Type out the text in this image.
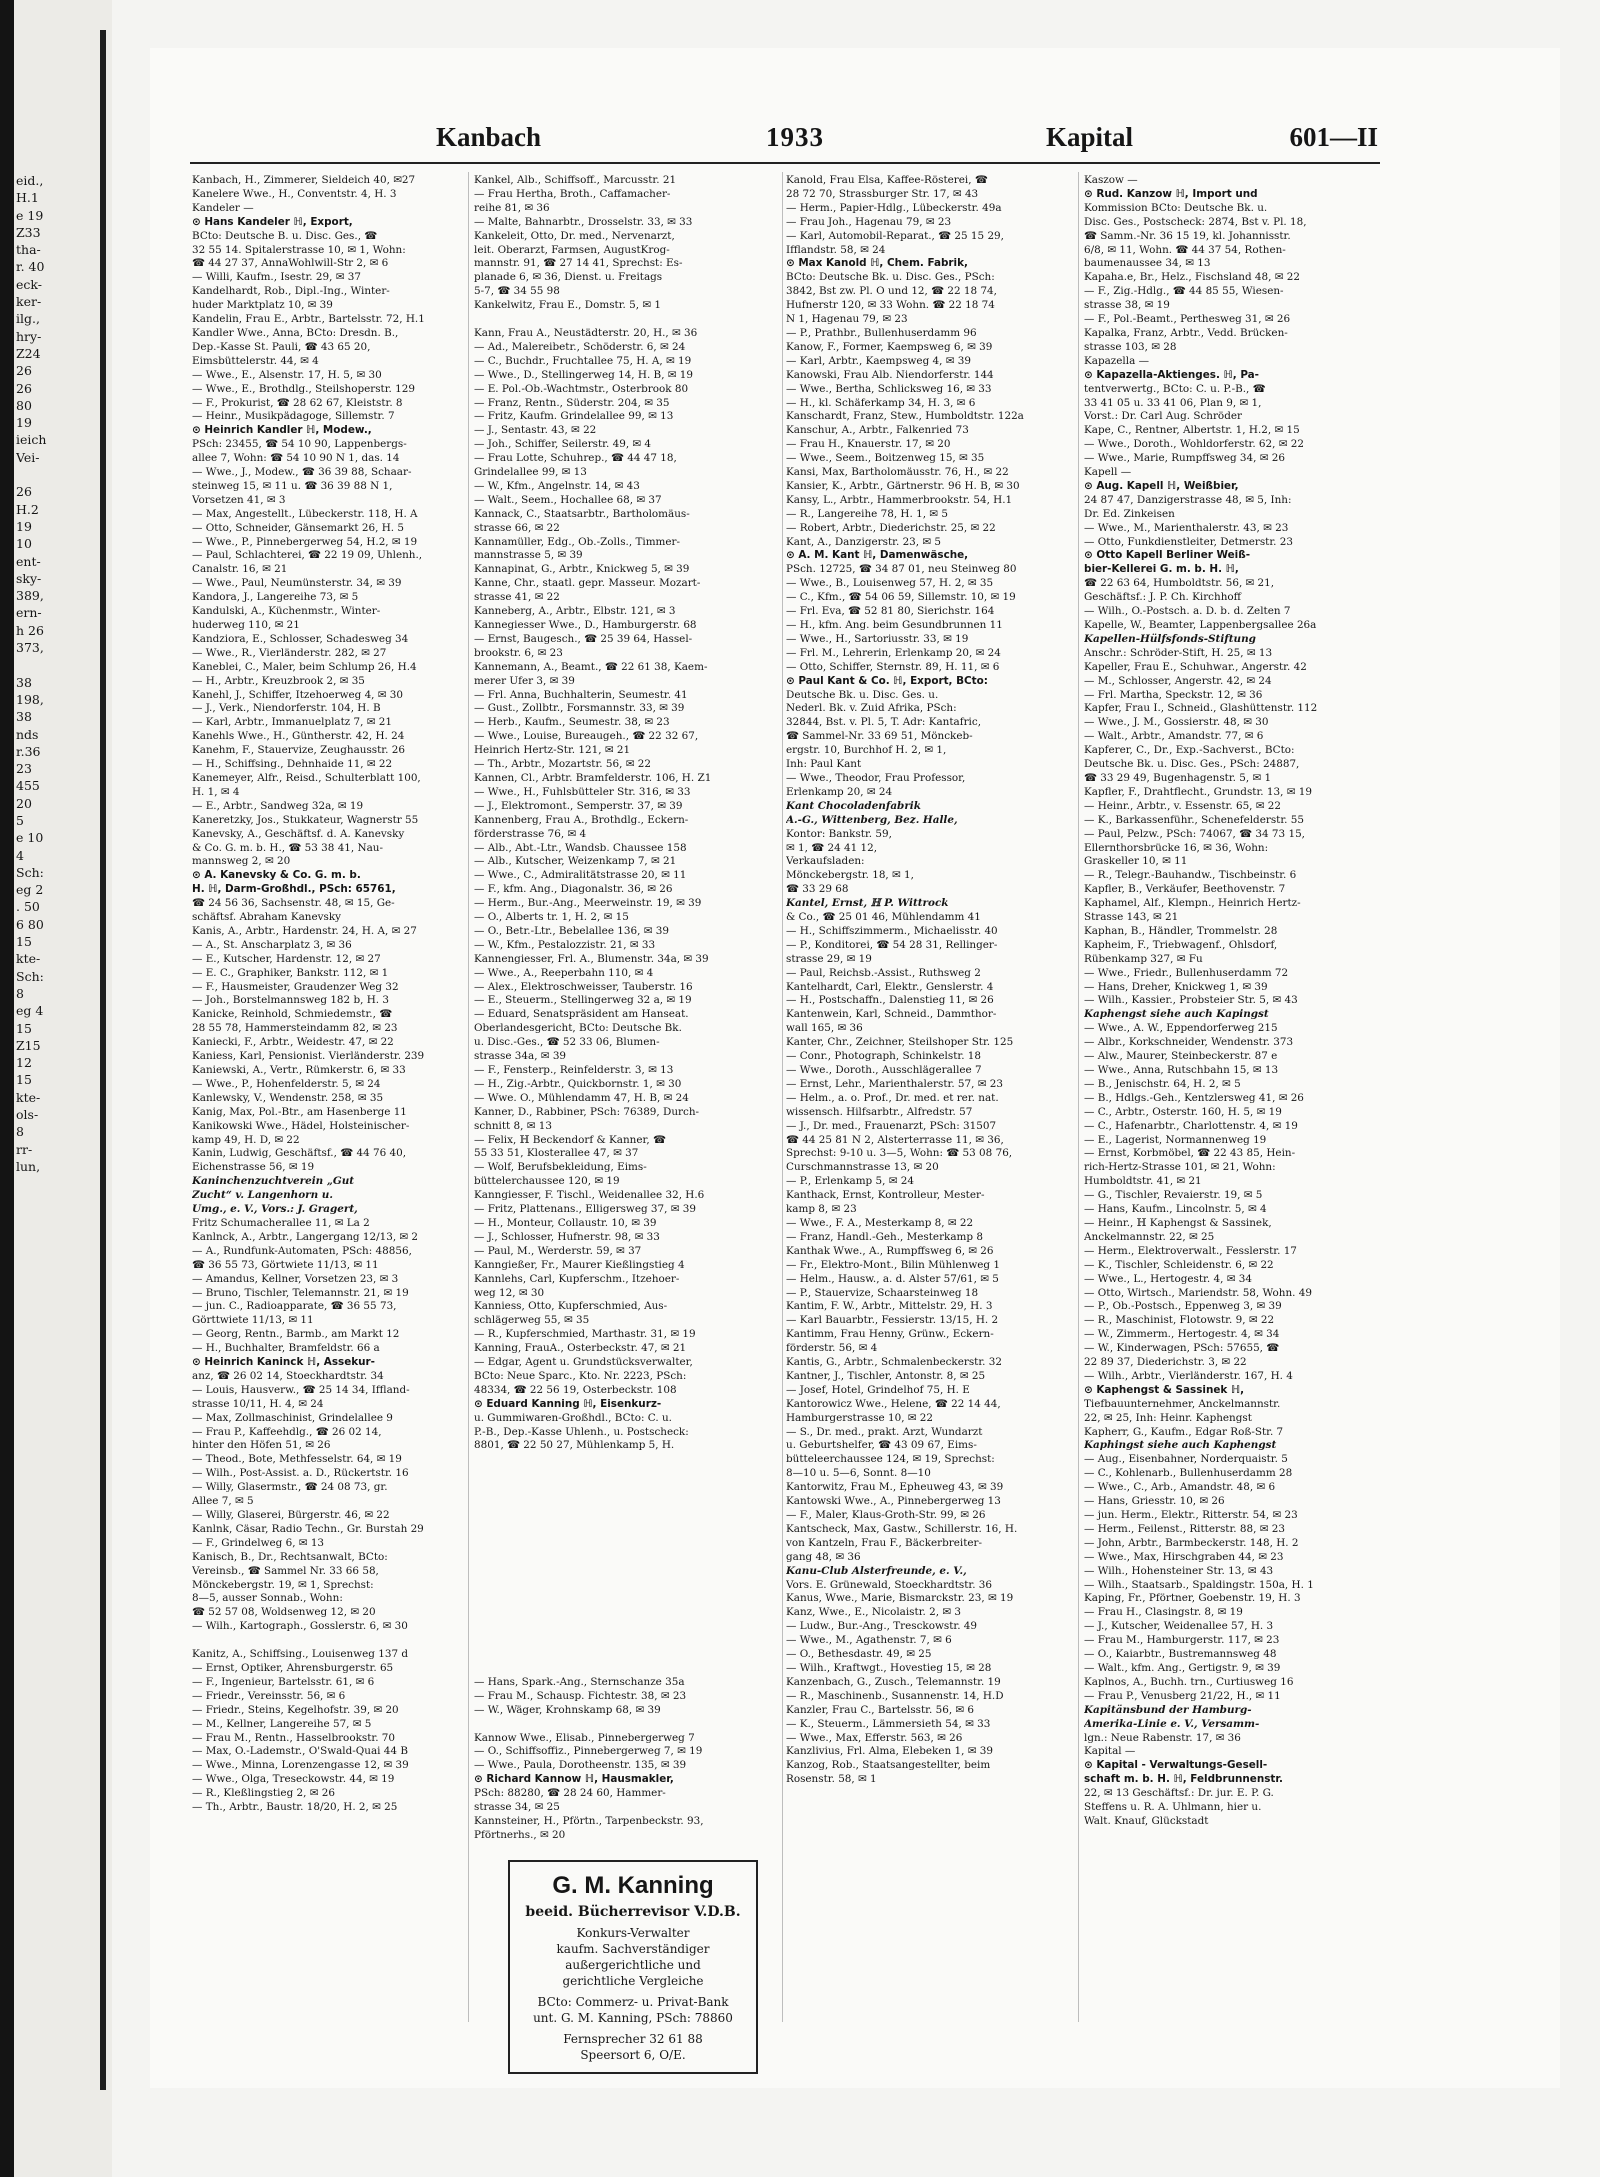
eid.,
H.1
e 19
Z33
tha-
r. 40
eck-
ker-
ilg.,
hry-
Z24
26
26
80
19
ieich
Vei-

26
H.2
19
10
ent-
sky-
389,
ern-
h 26
373,

38
198,
38
nds
r.36
23
455
20
5
e 10
4
Sch:
eg 2
. 50
6 80
15
kte-
Sch:
8
eg 4
15
Z15
12
15
kte-
ols-
8
rr-
lun,
Kanbach	1933	Kapital	601—II
Kanbach, H., Zimmerer, Sieldeich 40, ✉27
Kanelere Wwe., H., Conventstr. 4, H. 3
Kandeler —
⊙ Hans Kandeler ℍ, Export,
BCto: Deutsche B. u. Disc. Ges., ☎
32 55 14. Spitalerstrasse 10, ✉ 1, Wohn:
☎ 44 27 37, AnnaWohlwill-Str 2, ✉ 6
— Willi, Kaufm., Isestr. 29, ✉ 37
Kandelhardt, Rob., Dipl.-Ing., Winter-
huder Marktplatz 10, ✉ 39
Kandelin, Frau E., Arbtr., Bartelsstr. 72, H.1
Kandler Wwe., Anna, BCto: Dresdn. B.,
Dep.-Kasse St. Pauli, ☎ 43 65 20,
Eimsbüttelerstr. 44, ✉ 4
— Wwe., E., Alsenstr. 17, H. 5, ✉ 30
— Wwe., E., Brothdlg., Steilshoperstr. 129
— F., Prokurist, ☎ 28 62 67, Kleiststr. 8
— Heinr., Musikpädagoge, Sillemstr. 7
⊙ Heinrich Kandler ℍ, Modew.,
PSch: 23455, ☎ 54 10 90, Lappenbergs-
allee 7, Wohn: ☎ 54 10 90 N 1, das. 14
— Wwe., J., Modew., ☎ 36 39 88, Schaar-
steinweg 15, ✉ 11 u. ☎ 36 39 88 N 1,
Vorsetzen 41, ✉ 3
— Max, Angestellt., Lübeckerstr. 118, H. A
— Otto, Schneider, Gänsemarkt 26, H. 5
— Wwe., P., Pinnebergerweg 54, H.2, ✉ 19
— Paul, Schlachterei, ☎ 22 19 09, Uhlenh.,
Canalstr. 16, ✉ 21
— Wwe., Paul, Neumünsterstr. 34, ✉ 39
Kandora, J., Langereihe 73, ✉ 5
Kandulski, A., Küchenmstr., Winter-
huderweg 110, ✉ 21
Kandziora, E., Schlosser, Schadesweg 34
— Wwe., R., Vierländerstr. 282, ✉ 27
Kaneblei, C., Maler, beim Schlump 26, H.4
— H., Arbtr., Kreuzbrook 2, ✉ 35
Kanehl, J., Schiffer, Itzehoerweg 4, ✉ 30
— J., Verk., Niendorferstr. 104, H. B
— Karl, Arbtr., Immanuelplatz 7, ✉ 21
Kanehls Wwe., H., Güntherstr. 42, H. 24
Kanehm, F., Stauervize, Zeughausstr. 26
— H., Schiffsing., Dehnhaide 11, ✉ 22
Kanemeyer, Alfr., Reisd., Schulterblatt 100,
H. 1, ✉ 4
— E., Arbtr., Sandweg 32a, ✉ 19
Kaneretzky, Jos., Stukkateur, Wagnerstr 55
Kanevsky, A., Geschäftsf. d. A. Kanevsky
& Co. G. m. b. H., ☎ 53 38 41, Nau-
mannsweg 2, ✉ 20
⊙ A. Kanevsky & Co. G. m. b.
H. ℍ, Darm-Großhdl., PSch: 65761,
☎ 24 56 36, Sachsenstr. 48, ✉ 15, Ge-
schäftsf. Abraham Kanevsky
Kanis, A., Arbtr., Hardenstr. 24, H. A, ✉ 27
— A., St. Anscharplatz 3, ✉ 36
— E., Kutscher, Hardenstr. 12, ✉ 27
— E. C., Graphiker, Bankstr. 112, ✉ 1
— F., Hausmeister, Graudenzer Weg 32
— Joh., Borstelmannsweg 182 b, H. 3
Kanicke, Reinhold, Schmiedemstr., ☎
28 55 78, Hammersteindamm 82, ✉ 23
Kaniecki, F., Arbtr., Weidestr. 47, ✉ 22
Kaniess, Karl, Pensionist. Vierländerstr. 239
Kaniewski, A., Vertr., Rümkerstr. 6, ✉ 33
— Wwe., P., Hohenfelderstr. 5, ✉ 24
Kanlewsky, V., Wendenstr. 258, ✉ 35
Kanig, Max, Pol.-Btr., am Hasenberge 11
Kanikowski Wwe., Hädel, Holsteinischer-
kamp 49, H. D, ✉ 22
Kanin, Ludwig, Geschäftsf., ☎ 44 76 40,
Eichenstrasse 56, ✉ 19
Kaninchenzuchtverein „Gut
Zucht“ v. Langenhorn u.
Umg., e. V., Vors.: J. Gragert,
Fritz Schumacherallee 11, ✉ La 2
Kanlnck, A., Arbtr., Langergang 12/13, ✉ 2
— A., Rundfunk-Automaten, PSch: 48856,
☎ 36 55 73, Görtwiete 11/13, ✉ 11
— Amandus, Kellner, Vorsetzen 23, ✉ 3
— Bruno, Tischler, Telemannstr. 21, ✉ 19
— jun. C., Radioapparate, ☎ 36 55 73,
Görttwiete 11/13, ✉ 11
— Georg, Rentn., Barmb., am Markt 12
— H., Buchhalter, Bramfeldstr. 66 a
⊙ Heinrich Kaninck ℍ, Assekur-
anz, ☎ 26 02 14, Stoeckhardtstr. 34
— Louis, Hausverw., ☎ 25 14 34, Iffland-
strasse 10/11, H. 4, ✉ 24
— Max, Zollmaschinist, Grindelallee 9
— Frau P., Kaffeehdlg., ☎ 26 02 14,
hinter den Höfen 51, ✉ 26
— Theod., Bote, Methfesselstr. 64, ✉ 19
— Wilh., Post-Assist. a. D., Rückertstr. 16
— Willy, Glasermstr., ☎ 24 08 73, gr.
Allee 7, ✉ 5
— Willy, Glaserei, Bürgerstr. 46, ✉ 22
Kanlnk, Cäsar, Radio Techn., Gr. Burstah 29
— F., Grindelweg 6, ✉ 13
Kanisch, B., Dr., Rechtsanwalt, BCto:
Vereinsb., ☎ Sammel Nr. 33 66 58,
Mönckebergstr. 19, ✉ 1, Sprechst:
8—5, ausser Sonnab., Wohn:
☎ 52 57 08, Woldsenweg 12, ✉ 20
— Wilh., Kartograph., Gosslerstr. 6, ✉ 30

Kanitz, A., Schiffsing., Louisenweg 137 d
— Ernst, Optiker, Ahrensburgerstr. 65
— F., Ingenieur, Bartelsstr. 61, ✉ 6
— Friedr., Vereinsstr. 56, ✉ 6
— Friedr., Steins, Kegelhofstr. 39, ✉ 20
— M., Kellner, Langereihe 57, ✉ 5
— Frau M., Rentn., Hasselbrookstr. 70
— Max, O.-Lademstr., O'Swald-Quai 44 B
— Wwe., Minna, Lorenzengasse 12, ✉ 39
— Wwe., Olga, Treseckowstr. 44, ✉ 19
— R., Kleßlingstieg 2, ✉ 26
— Th., Arbtr., Baustr. 18/20, H. 2, ✉ 25
Kankel, Alb., Schiffsoff., Marcusstr. 21
— Frau Hertha, Broth., Caffamacher-
reihe 81, ✉ 36
— Malte, Bahnarbtr., Drosselstr. 33, ✉ 33
Kankeleit, Otto, Dr. med., Nervenarzt,
leit. Oberarzt, Farmsen, AugustKrog-
mannstr. 91, ☎ 27 14 41, Sprechst: Es-
planade 6, ✉ 36, Dienst. u. Freitags
5-7, ☎ 34 55 98
Kankelwitz, Frau E., Domstr. 5, ✉ 1

Kann, Frau A., Neustädterstr. 20, H., ✉ 36
— Ad., Malereibetr., Schöderstr. 6, ✉ 24
— C., Buchdr., Fruchtallee 75, H. A, ✉ 19
— Wwe., D., Stellingerweg 14, H. B, ✉ 19
— E. Pol.-Ob.-Wachtmstr., Osterbrook 80
— Franz, Rentn., Süderstr. 204, ✉ 35
— Fritz, Kaufm. Grindelallee 99, ✉ 13
— J., Sentastr. 43, ✉ 22
— Joh., Schiffer, Seilerstr. 49, ✉ 4
— Frau Lotte, Schuhrep., ☎ 44 47 18,
Grindelallee 99, ✉ 13
— W., Kfm., Angelnstr. 14, ✉ 43
— Walt., Seem., Hochallee 68, ✉ 37
Kannack, C., Staatsarbtr., Bartholomäus-
strasse 66, ✉ 22
Kannamüller, Edg., Ob.-Zolls., Timmer-
mannstrasse 5, ✉ 39
Kannapinat, G., Arbtr., Knickweg 5, ✉ 39
Kanne, Chr., staatl. gepr. Masseur. Mozart-
strasse 41, ✉ 22
Kanneberg, A., Arbtr., Elbstr. 121, ✉ 3
Kannegiesser Wwe., D., Hamburgerstr. 68
— Ernst, Baugesch., ☎ 25 39 64, Hassel-
brookstr. 6, ✉ 23
Kannemann, A., Beamt., ☎ 22 61 38, Kaem-
merer Ufer 3, ✉ 39
— Frl. Anna, Buchhalterin, Seumestr. 41
— Gust., Zollbtr., Forsmannstr. 33, ✉ 39
— Herb., Kaufm., Seumestr. 38, ✉ 23
— Wwe., Louise, Bureaugeh., ☎ 22 32 67,
Heinrich Hertz-Str. 121, ✉ 21
— Th., Arbtr., Mozartstr. 56, ✉ 22
Kannen, Cl., Arbtr. Bramfelderstr. 106, H. Z1
— Wwe., H., Fuhlsbütteler Str. 316, ✉ 33
— J., Elektromont., Semperstr. 37, ✉ 39
Kannenberg, Frau A., Brothdlg., Eckern-
förderstrasse 76, ✉ 4
— Alb., Abt.-Ltr., Wandsb. Chaussee 158
— Alb., Kutscher, Weizenkamp 7, ✉ 21
— Wwe., C., Admiralitätstrasse 20, ✉ 11
— F., kfm. Ang., Diagonalstr. 36, ✉ 26
— Herm., Bur.-Ang., Meerweinstr. 19, ✉ 39
— O., Alberts tr. 1, H. 2, ✉ 15
— O., Betr.-Ltr., Bebelallee 136, ✉ 39
— W., Kfm., Pestalozzistr. 21, ✉ 33
Kannengiesser, Frl. A., Blumenstr. 34a, ✉ 39
— Wwe., A., Reeperbahn 110, ✉ 4
— Alex., Elektroschweisser, Tauberstr. 16
— E., Steuerm., Stellingerweg 32 a, ✉ 19
— Eduard, Senatspräsident am Hanseat.
Oberlandesgericht, BCto: Deutsche Bk.
u. Disc.-Ges., ☎ 52 33 06, Blumen-
strasse 34a, ✉ 39
— F., Fensterp., Reinfelderstr. 3, ✉ 13
— H., Zig.-Arbtr., Quickbornstr. 1, ✉ 30
— Wwe. O., Mühlendamm 47, H. B, ✉ 24
Kanner, D., Rabbiner, PSch: 76389, Durch-
schnitt 8, ✉ 13
— Felix, ℍ Beckendorf & Kanner, ☎
55 33 51, Klosterallee 47, ✉ 37
— Wolf, Berufsbekleidung, Eims-
büttelerchaussee 120, ✉ 19
Kanngiesser, F. Tischl., Weidenallee 32, H.6
— Fritz, Plattenans., Elligersweg 37, ✉ 39
— H., Monteur, Collaustr. 10, ✉ 39
— J., Schlosser, Hufnerstr. 98, ✉ 33
— Paul, M., Werderstr. 59, ✉ 37
Kanngießer, Fr., Maurer Kießlingstieg 4
Kannlehs, Carl, Kupferschm., Itzehoer-
weg 12, ✉ 30
Kanniess, Otto, Kupferschmied, Aus-
schlägerweg 55, ✉ 35
— R., Kupferschmied, Marthastr. 31, ✉ 19
Kanning, FrauA., Osterbeckstr. 47, ✉ 21
— Edgar, Agent u. Grundstücksverwalter,
BCto: Neue Sparc., Kto. Nr. 2223, PSch:
48334, ☎ 22 56 19, Osterbeckstr. 108
⊙ Eduard Kanning ℍ, Eisenkurz-
u. Gummiwaren-Großhdl., BCto: C. u.
P.-B., Dep.-Kasse Uhlenh., u. Postscheck:
8801, ☎ 22 50 27, Mühlenkamp 5, H.

— Hans, Spark.-Ang., Sternschanze 35a
— Frau M., Schausp. Fichtestr. 38, ✉ 23
— W., Wäger, Krohnskamp 68, ✉ 39

Kannow Wwe., Elisab., Pinnebergerweg 7
— O., Schiffsoffiz., Pinnebergerweg 7, ✉ 19
— Wwe., Paula, Dorotheenstr. 135, ✉ 39
⊙ Richard Kannow ℍ, Hausmakler,
PSch: 88280, ☎ 28 24 60, Hammer-
strasse 34, ✉ 25
Kannsteiner, H., Pförtn., Tarpenbeckstr. 93,
Pförtnerhs., ✉ 20
Kanold, Frau Elsa, Kaffee-Rösterei, ☎
28 72 70, Strassburger Str. 17, ✉ 43
— Herm., Papier-Hdlg., Lübeckerstr. 49a
— Frau Joh., Hagenau 79, ✉ 23
— Karl, Automobil-Reparat., ☎ 25 15 29,
Ifflandstr. 58, ✉ 24
⊙ Max Kanold ℍ, Chem. Fabrik,
BCto: Deutsche Bk. u. Disc. Ges., PSch:
3842, Bst zw. Pl. O und 12, ☎ 22 18 74,
Hufnerstr 120, ✉ 33 Wohn. ☎ 22 18 74
N 1, Hagenau 79, ✉ 23
— P., Prathbr., Bullenhuserdamm 96
Kanow, F., Former, Kaempsweg 6, ✉ 39
— Karl, Arbtr., Kaempsweg 4, ✉ 39
Kanowski, Frau Alb. Niendorferstr. 144
— Wwe., Bertha, Schlicksweg 16, ✉ 33
— H., kl. Schäferkamp 34, H. 3, ✉ 6
Kanschardt, Franz, Stew., Humboldtstr. 122a
Kanschur, A., Arbtr., Falkenried 73
— Frau H., Knauerstr. 17, ✉ 20
— Wwe., Seem., Boitzenweg 15, ✉ 35
Kansi, Max, Bartholomäusstr. 76, H., ✉ 22
Kansier, K., Arbtr., Gärtnerstr. 96 H. B, ✉ 30
Kansy, L., Arbtr., Hammerbrookstr. 54, H.1
— R., Langereihe 78, H. 1, ✉ 5
— Robert, Arbtr., Diederichstr. 25, ✉ 22
Kant, A., Danzigerstr. 23, ✉ 5
⊙ A. M. Kant ℍ, Damenwäsche,
PSch. 12725, ☎ 34 87 01, neu Steinweg 80
— Wwe., B., Louisenweg 57, H. 2, ✉ 35
— C., Kfm., ☎ 54 06 59, Sillemstr. 10, ✉ 19
— Frl. Eva, ☎ 52 81 80, Sierichstr. 164
— H., kfm. Ang. beim Gesundbrunnen 11
— Wwe., H., Sartoriusstr. 33, ✉ 19
— Frl. M., Lehrerin, Erlenkamp 20, ✉ 24
— Otto, Schiffer, Sternstr. 89, H. 11, ✉ 6
⊙ Paul Kant & Co. ℍ, Export, BCto:
Deutsche Bk. u. Disc. Ges. u.
Nederl. Bk. v. Zuid Afrika, PSch:
32844, Bst. v. Pl. 5, T. Adr: Kantafric,
☎ Sammel-Nr. 33 69 51, Mönckeb-
ergstr. 10, Burchhof H. 2, ✉ 1,
Inh: Paul Kant
— Wwe., Theodor, Frau Professor,
Erlenkamp 20, ✉ 24
Kant Chocoladenfabrik
A.-G., Wittenberg, Bez. Halle,
Kontor: Bankstr. 59,
✉ 1, ☎ 24 41 12,
Verkaufsladen:
Mönckebergstr. 18, ✉ 1,
☎ 33 29 68
Kantel, Ernst, ℍ P. Wittrock
& Co., ☎ 25 01 46, Mühlendamm 41
— H., Schiffszimmerm., Michaelisstr. 40
— P., Konditorei, ☎ 54 28 31, Rellinger-
strasse 29, ✉ 19
— Paul, Reichsb.-Assist., Ruthsweg 2
Kantelhardt, Carl, Elektr., Genslerstr. 4
— H., Postschaffn., Dalenstieg 11, ✉ 26
Kantenwein, Karl, Schneid., Dammthor-
wall 165, ✉ 36
Kanter, Chr., Zeichner, Steilshoper Str. 125
— Conr., Photograph, Schinkelstr. 18
— Wwe., Doroth., Ausschlägerallee 7
— Ernst, Lehr., Marienthalerstr. 57, ✉ 23
— Helm., a. o. Prof., Dr. med. et rer. nat.
wissensch. Hilfsarbtr., Alfredstr. 57
— J., Dr. med., Frauenarzt, PSch: 31507
☎ 44 25 81 N 2, Alsterterrasse 11, ✉ 36,
Sprechst: 9-10 u. 3—5, Wohn: ☎ 53 08 76,
Curschmannstrasse 13, ✉ 20
— P., Erlenkamp 5, ✉ 24
Kanthack, Ernst, Kontrolleur, Mester-
kamp 8, ✉ 23
— Wwe., F. A., Mesterkamp 8, ✉ 22
— Franz, Handl.-Geh., Mesterkamp 8
Kanthak Wwe., A., Rumpffsweg 6, ✉ 26
— Fr., Elektro-Mont., Bilin Mühlenweg 1
— Helm., Hausw., a. d. Alster 57/61, ✉ 5
— P., Stauervize, Schaarsteinweg 18
Kantim, F. W., Arbtr., Mittelstr. 29, H. 3
— Karl Bauarbtr., Fessierstr. 13/15, H. 2
Kantimm, Frau Henny, Grünw., Eckern-
förderstr. 56, ✉ 4
Kantis, G., Arbtr., Schmalenbeckerstr. 32
Kantner, J., Tischler, Antonstr. 8, ✉ 25
— Josef, Hotel, Grindelhof 75, H. E
Kantorowicz Wwe., Helene, ☎ 22 14 44,
Hamburgerstrasse 10, ✉ 22
— S., Dr. med., prakt. Arzt, Wundarzt
u. Geburtshelfer, ☎ 43 09 67, Eims-
bütteleerchaussee 124, ✉ 19, Sprechst:
8—10 u. 5—6, Sonnt. 8—10
Kantorwitz, Frau M., Epheuweg 43, ✉ 39
Kantowski Wwe., A., Pinnebergerweg 13
— F., Maler, Klaus-Groth-Str. 99, ✉ 26
Kantscheck, Max, Gastw., Schillerstr. 16, H.
von Kantzeln, Frau F., Bäckerbreiter-
gang 48, ✉ 36
Kanu-Club Alsterfreunde, e. V.,
Vors. E. Grünewald, Stoeckhardtstr. 36
Kanus, Wwe., Marie, Bismarckstr. 23, ✉ 19
Kanz, Wwe., E., Nicolaistr. 2, ✉ 3
— Ludw., Bur.-Ang., Tresckowstr. 49
— Wwe., M., Agathenstr. 7, ✉ 6
— O., Bethesdastr. 49, ✉ 25
— Wilh., Kraftwgt., Hovestieg 15, ✉ 28
Kanzenbach, G., Zusch., Telemannstr. 19
— R., Maschinenb., Susannenstr. 14, H.D
Kanzler, Frau C., Bartelsstr. 56, ✉ 6
— K., Steuerm., Lämmersieth 54, ✉ 33
— Wwe., Max, Efferstr. 563, ✉ 26
Kanzlivius, Frl. Alma, Elebeken 1, ✉ 39
Kanzog, Rob., Staatsangestellter, beim
Rosenstr. 58, ✉ 1
Kaszow —
⊙ Rud. Kanzow ℍ, Import und
Kommission BCto: Deutsche Bk. u.
Disc. Ges., Postscheck: 2874, Bst v. Pl. 18,
☎ Samm.-Nr. 36 15 19, kl. Johannisstr.
6/8, ✉ 11, Wohn. ☎ 44 37 54, Rothen-
baumenaussee 34, ✉ 13
Kapaha.e, Br., Helz., Fischsland 48, ✉ 22
— F., Zig.-Hdlg., ☎ 44 85 55, Wiesen-
strasse 38, ✉ 19
— F., Pol.-Beamt., Perthesweg 31, ✉ 26
Kapalka, Franz, Arbtr., Vedd. Brücken-
strasse 103, ✉ 28
Kapazella —
⊙ Kapazella-Aktienges. ℍ, Pa-
tentverwertg., BCto: C. u. P.-B., ☎
33 41 05 u. 33 41 06, Plan 9, ✉ 1,
Vorst.: Dr. Carl Aug. Schröder
Kape, C., Rentner, Albertstr. 1, H.2, ✉ 15
— Wwe., Doroth., Wohldorferstr. 62, ✉ 22
— Wwe., Marie, Rumpffsweg 34, ✉ 26
Kapell —
⊙ Aug. Kapell ℍ, Weißbier,
24 87 47, Danzigerstrasse 48, ✉ 5, Inh:
Dr. Ed. Zinkeisen
— Wwe., M., Marienthalerstr. 43, ✉ 23
— Otto, Funkdienstleiter, Detmerstr. 23
⊙ Otto Kapell Berliner Weiß-
bier-Kellerei G. m. b. H. ℍ,
☎ 22 63 64, Humboldtstr. 56, ✉ 21,
Geschäftsf.: J. P. Ch. Kirchhoff
— Wilh., O.-Postsch. a. D. b. d. Zelten 7
Kapelle, W., Beamter, Lappenbergsallee 26a
Kapellen-Hülfsfonds-Stiftung
Anschr.: Schröder-Stift, H. 25, ✉ 13
Kapeller, Frau E., Schuhwar., Angerstr. 42
— M., Schlosser, Angerstr. 42, ✉ 24
— Frl. Martha, Speckstr. 12, ✉ 36
Kapfer, Frau I., Schneid., Glashüttenstr. 112
— Wwe., J. M., Gossierstr. 48, ✉ 30
— Walt., Arbtr., Amandstr. 77, ✉ 6
Kapferer, C., Dr., Exp.-Sachverst., BCto:
Deutsche Bk. u. Disc. Ges., PSch: 24887,
☎ 33 29 49, Bugenhagenstr. 5, ✉ 1
Kapfler, F., Drahtflecht., Grundstr. 13, ✉ 19
— Heinr., Arbtr., v. Essenstr. 65, ✉ 22
— K., Barkassenführ., Schenefelderstr. 55
— Paul, Pelzw., PSch: 74067, ☎ 34 73 15,
Ellernthorsbrücke 16, ✉ 36, Wohn:
Graskeller 10, ✉ 11
— R., Telegr.-Bauhandw., Tischbeinstr. 6
Kapfler, B., Verkäufer, Beethovenstr. 7
Kaphamel, Alf., Klempn., Heinrich Hertz-
Strasse 143, ✉ 21
Kaphan, B., Händler, Trommelstr. 28
Kapheim, F., Triebwagenf., Ohlsdorf,
Rübenkamp 327, ✉ Fu
— Wwe., Friedr., Bullenhuserdamm 72
— Hans, Dreher, Knickweg 1, ✉ 39
— Wilh., Kassier., Probsteier Str. 5, ✉ 43
Kaphengst siehe auch Kapingst
— Wwe., A. W., Eppendorferweg 215
— Albr., Korkschneider, Wendenstr. 373
— Alw., Maurer, Steinbeckerstr. 87 e
— Wwe., Anna, Rutschbahn 15, ✉ 13
— B., Jenischstr. 64, H. 2, ✉ 5
— B., Hdlgs.-Geh., Kentzlersweg 41, ✉ 26
— C., Arbtr., Osterstr. 160, H. 5, ✉ 19
— C., Hafenarbtr., Charlottenstr. 4, ✉ 19
— E., Lagerist, Normannenweg 19
— Ernst, Korbmöbel, ☎ 22 43 85, Hein-
rich-Hertz-Strasse 101, ✉ 21, Wohn:
Humboldtstr. 41, ✉ 21
— G., Tischler, Revaierstr. 19, ✉ 5
— Hans, Kaufm., Lincolnstr. 5, ✉ 4
— Heinr., ℍ Kaphengst & Sassinek,
Anckelmannstr. 22, ✉ 25
— Herm., Elektroverwalt., Fesslerstr. 17
— K., Tischler, Schleidenstr. 6, ✉ 22
— Wwe., L., Hertogestr. 4, ✉ 34
— Otto, Wirtsch., Mariendstr. 58, Wohn. 49
— P., Ob.-Postsch., Eppenweg 3, ✉ 39
— R., Maschinist, Flotowstr. 9, ✉ 22
— W., Zimmerm., Hertogestr. 4, ✉ 34
— W., Kinderwagen, PSch: 57655, ☎
22 89 37, Diederichstr. 3, ✉ 22
— Wilh., Arbtr., Vierländerstr. 167, H. 4
⊙ Kaphengst & Sassinek ℍ,
Tiefbauunternehmer, Anckelmannstr.
22, ✉ 25, Inh: Heinr. Kaphengst
Kapherr, G., Kaufm., Edgar Roß-Str. 7
Kaphingst siehe auch Kaphengst
— Aug., Eisenbahner, Norderquaistr. 5
— C., Kohlenarb., Bullenhuserdamm 28
— Wwe., C., Arb., Amandstr. 48, ✉ 6
— Hans, Griesstr. 10, ✉ 26
— jun. Herm., Elektr., Ritterstr. 54, ✉ 23
— Herm., Feilenst., Ritterstr. 88, ✉ 23
— John, Arbtr., Barmbeckerstr. 148, H. 2
— Wwe., Max, Hirschgraben 44, ✉ 23
— Wilh., Hohensteiner Str. 13, ✉ 43
— Wilh., Staatsarb., Spaldingstr. 150a, H. 1
Kaping, Fr., Pförtner, Goebenstr. 19, H. 3
— Frau H., Clasingstr. 8, ✉ 19
— J., Kutscher, Weidenallee 57, H. 3
— Frau M., Hamburgerstr. 117, ✉ 23
— O., Kaiarbtr., Bustremannsweg 48
— Walt., kfm. Ang., Gertigstr. 9, ✉ 39
Kaplnos, A., Buchh. trn., Curtiusweg 16
— Frau P., Venusberg 21/22, H., ✉ 11
Kapitänsbund der Hamburg-
Amerika-Linie e. V., Versamm-
lgn.: Neue Rabenstr. 17, ✉ 36
Kapital —
⊙ Kapital - Verwaltungs-Gesell-
schaft m. b. H. ℍ, Feldbrunnenstr.
22, ✉ 13 Geschäftsf.: Dr. jur. E. P. G.
Steffens u. R. A. Uhlmann, hier u.
Walt. Knauf, Glückstadt
G. M. Kanning
beeid. Bücherrevisor V.D.B.
Konkurs-Verwalter
kaufm. Sachverständiger
außergerichtliche und
gerichtliche Vergleiche
BCto: Commerz- u. Privat-Bank
unt. G. M. Kanning, PSch: 78860
Fernsprecher 32 61 88
Speersort 6, O/E.
